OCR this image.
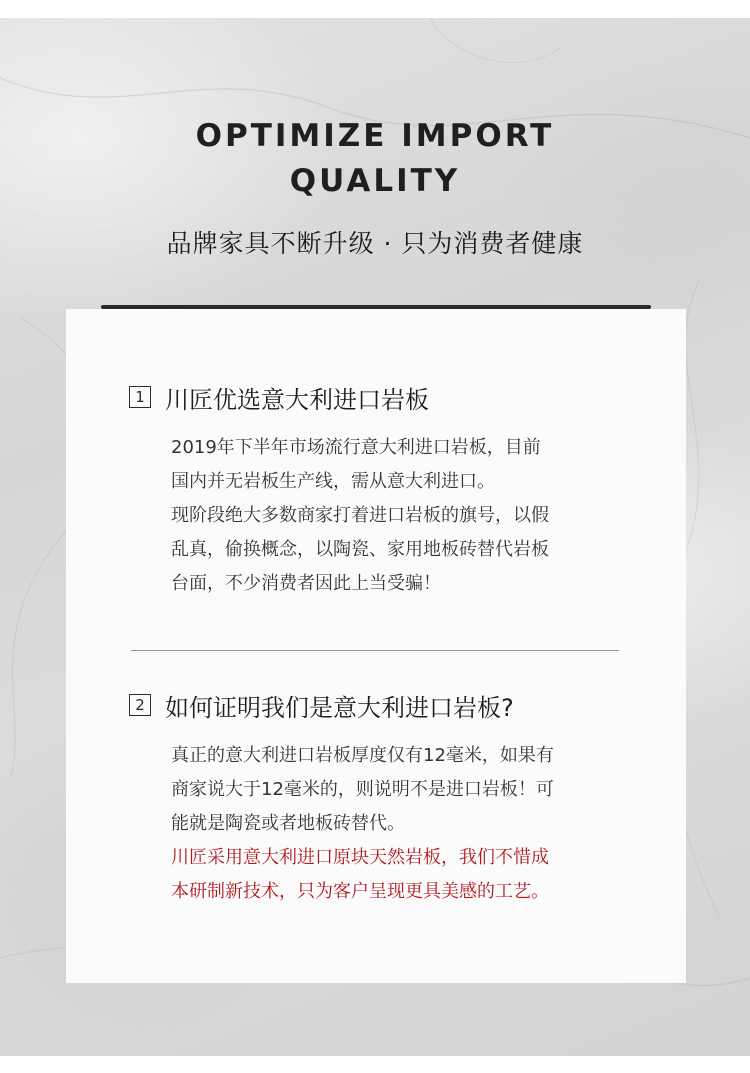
OPTIMIZE IMPORT
QUALITY
品牌家具不断升级 · 只为消费者健康
1 川匠优选意大利进口岩板
2019年下半年市场流行意大利进口岩板，目前
国内并无岩板生产线，需从意大利进口。
现阶段绝大多数商家打着进口岩板的旗号，以假
乱真，偷换概念，以陶瓷、家用地板砖替代岩板
台面，不少消费者因此上当受骗！
2 如何证明我们是意大利进口岩板?
真正的意大利进口岩板厚度仅有12毫米，如果有
商家说大于12毫米的，则说明不是进口岩板！可
能就是陶瓷或者地板砖替代。
川匠采用意大利进口原块天然岩板，我们不惜成
本研制新技术，只为客户呈现更具美感的工艺。
